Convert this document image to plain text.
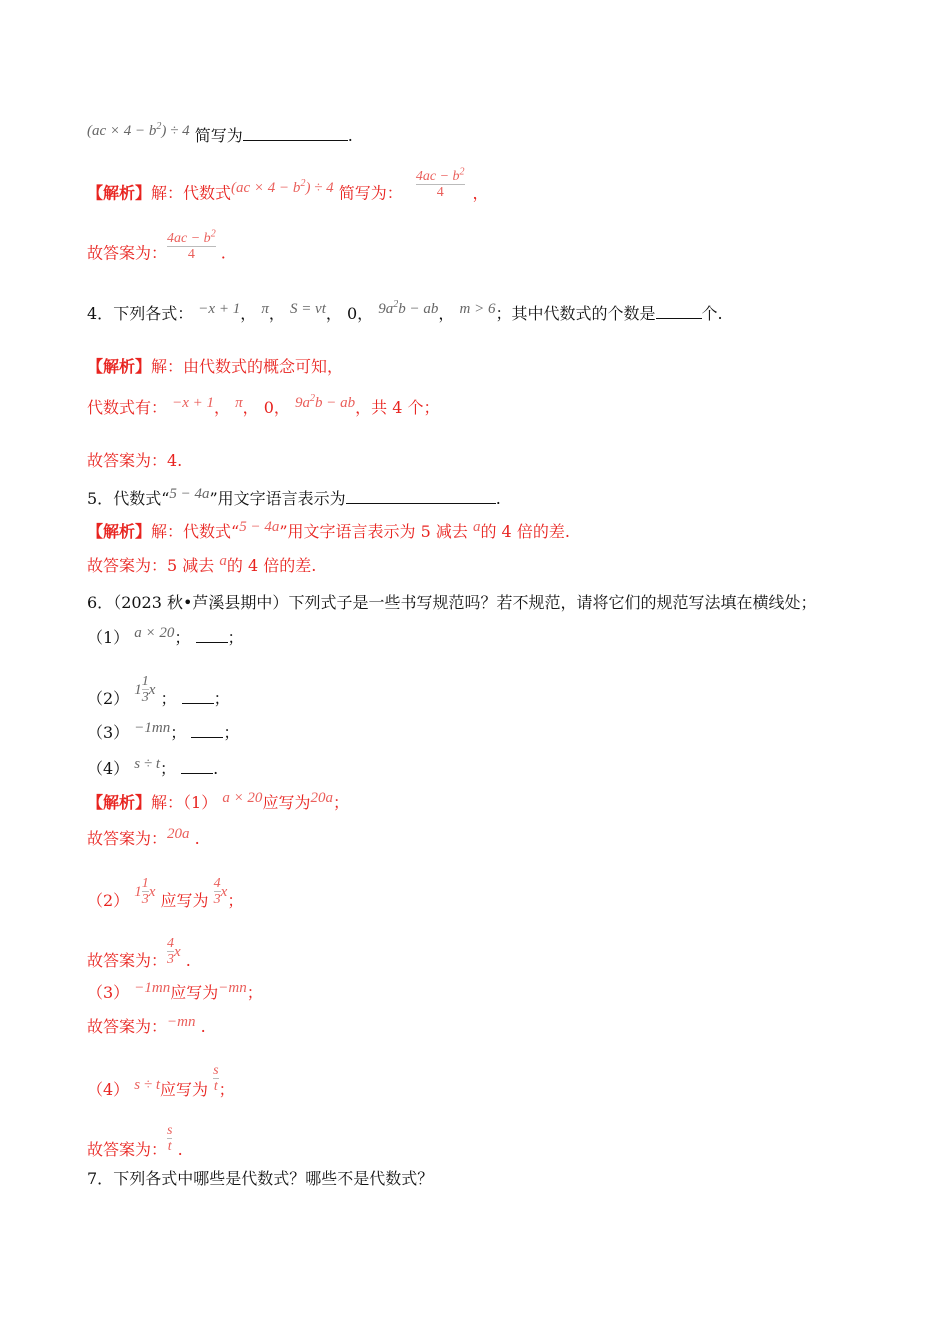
$(ac \times 4 - b^2) \div 4$ 简写为	.
【解析】解：代数式$(ac \times 4 - b^2) \div 4$ 简写为： $\frac{4ac - b^2}{4}$ ，
故答案为： $\frac{4ac - b^2}{4}$ .
4．下列各式： −x + 1， π， S = vt， 0， $9a^2b$ − ab， m > 6；其中代数式的个数是	个.
【解析】解：由代数式的概念可知，
代数式有： −x + 1， π， 0， $9a^2b$ − ab，共 4 个；
故答案为：4.
5．代数式“5 − 4a”用文字语言表示为	.
【解析】解：代数式“5 − 4a”用文字语言表示为 5 减去 a的 4 倍的差.
故答案为：5 减去 a的 4 倍的差.
6．（2023 秋•芦溪县期中）下列式子是一些书写规范吗？若不规范，请将它们的规范写法填在横线处；
（1） a × 20； ；
（2） $1 \frac{1}{3}$ x ； ；
（3） −1mn； ；
（4） s ÷ t； .
【解析】解：（1） a × 20应写为20a；
故答案为：20a .
（2） $1 \frac{1}{3}$ x 应写为 $\frac{4}{3}$ x；
故答案为： $\frac{4}{3}$ x .
（3） −1mn应写为−mn；
故答案为：−mn .
（4） s ÷ t应写为 $\frac{s}{t}$ ；
故答案为： $\frac{s}{t}$ .
7．下列各式中哪些是代数式？哪些不是代数式？
